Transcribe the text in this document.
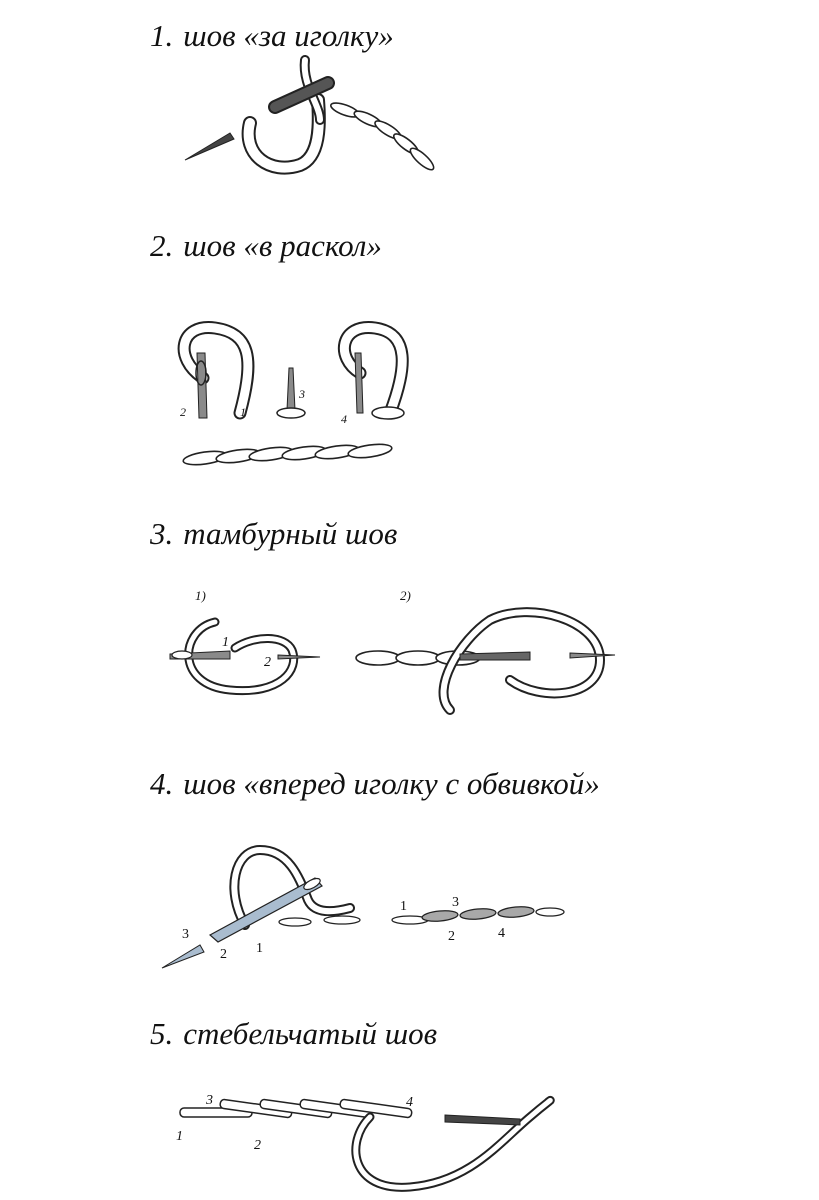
1. шов «за иголку»
2. шов «в раскол»
2	1
3
4
3. тамбурный шов
1)	2)
1
2
4. шов «вперед иголку с обвивкой»
3
2 1
1
2
3
4
5. стебельчатый шов
1
2
3	4
